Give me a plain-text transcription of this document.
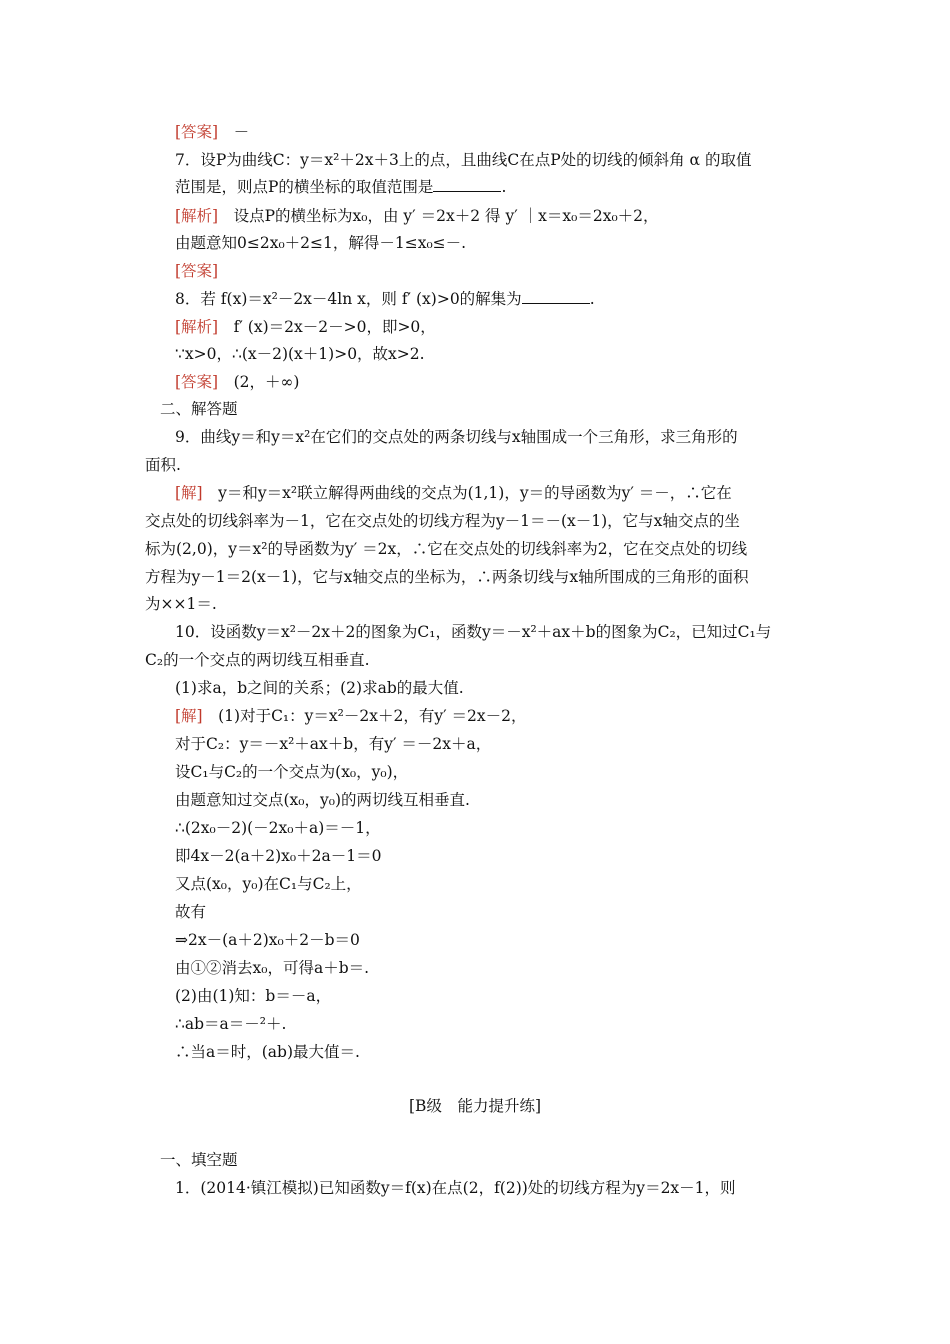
[答案]　－
7．设P为曲线C：y＝x²＋2x＋3上的点，且曲线C在点P处的切线的倾斜角 α 的取值
范围是，则点P的横坐标的取值范围是	.
[解析]　设点P的横坐标为x₀，由 y′ ＝2x＋2 得 y′ ｜x＝x₀＝2x₀＋2，
由题意知0≤2x₀＋2≤1，解得－1≤x₀≤－.
[答案]
8．若 f(x)＝x²－2x－4ln x，则 f′ (x)>0的解集为	.
[解析]　f′ (x)＝2x－2－>0，即>0，
∵x>0，∴(x－2)(x＋1)>0，故x>2.
[答案]　(2，＋∞)
二、解答题
9．曲线y＝和y＝x²在它们的交点处的两条切线与x轴围成一个三角形，求三角形的
面积.
[解]　y＝和y＝x²联立解得两曲线的交点为(1,1)，y＝的导函数为y′ ＝－，∴它在
交点处的切线斜率为－1，它在交点处的切线方程为y－1＝－(x－1)，它与x轴交点的坐
标为(2,0)，y＝x²的导函数为y′ ＝2x，∴它在交点处的切线斜率为2，它在交点处的切线
方程为y－1＝2(x－1)，它与x轴交点的坐标为，∴两条切线与x轴所围成的三角形的面积
为××1＝.
10．设函数y＝x²－2x＋2的图象为C₁，函数y＝－x²＋ax＋b的图象为C₂，已知过C₁与
C₂的一个交点的两切线互相垂直.
(1)求a，b之间的关系；(2)求ab的最大值.
[解]　(1)对于C₁：y＝x²－2x＋2，有y′ ＝2x－2，
对于C₂：y＝－x²＋ax＋b，有y′ ＝－2x＋a，
设C₁与C₂的一个交点为(x₀，y₀)，
由题意知过交点(x₀，y₀)的两切线互相垂直.
∴(2x₀－2)(－2x₀＋a)＝－1，
即4x－2(a＋2)x₀＋2a－1＝0
又点(x₀，y₀)在C₁与C₂上，
故有
⇒2x－(a＋2)x₀＋2－b＝0
由①②消去x₀，可得a＋b＝.
(2)由(1)知：b＝－a，
∴ab＝a＝－²＋.
∴当a＝时，(ab)最大值＝.
[B级　能力提升练]
一、填空题
1．(2014·镇江模拟)已知函数y＝f(x)在点(2，f(2))处的切线方程为y＝2x－1，则
